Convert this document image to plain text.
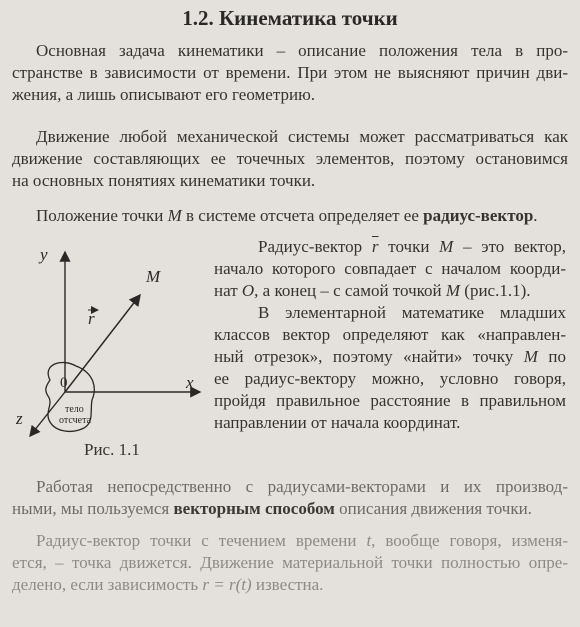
1.2. Кинематика точки
Основная задача кинематики – описание положения тела в про-
странстве в зависимости от времени. При этом не выясняют причин дви-
жения, а лишь описывают его геометрию.
Движение любой механической системы может рассматриваться как
движение составляющих ее точечных элементов, поэтому остановимся
на основных понятиях кинематики точки.
Положение точки M в системе отсчета определяет ее радиус-вектор.
y
x
z
M
r
0
тело
отсчета
Рис. 1.1
Радиус-вектор $\overline{r}$ точки M – это вектор,
начало которого совпадает с началом коорди-
нат O, а конец – с самой точкой M (рис.1.1).
В элементарной математике младших
классов вектор определяют как «направлен-
ный отрезок», поэтому «найти» точку M по
ее радиус-вектору можно, условно говоря,
пройдя правильное расстояние в правильном
направлении от начала координат.
Работая непосредственно с радиусами-векторами и их производ-
ными, мы пользуемся векторным способом описания движения точки.
Радиус-вектор точки с течением времени t, вообще говоря, изменя-
ется, – точка движется. Движение материальной точки полностью опре-
делено, если зависимость r = r(t) известна.
